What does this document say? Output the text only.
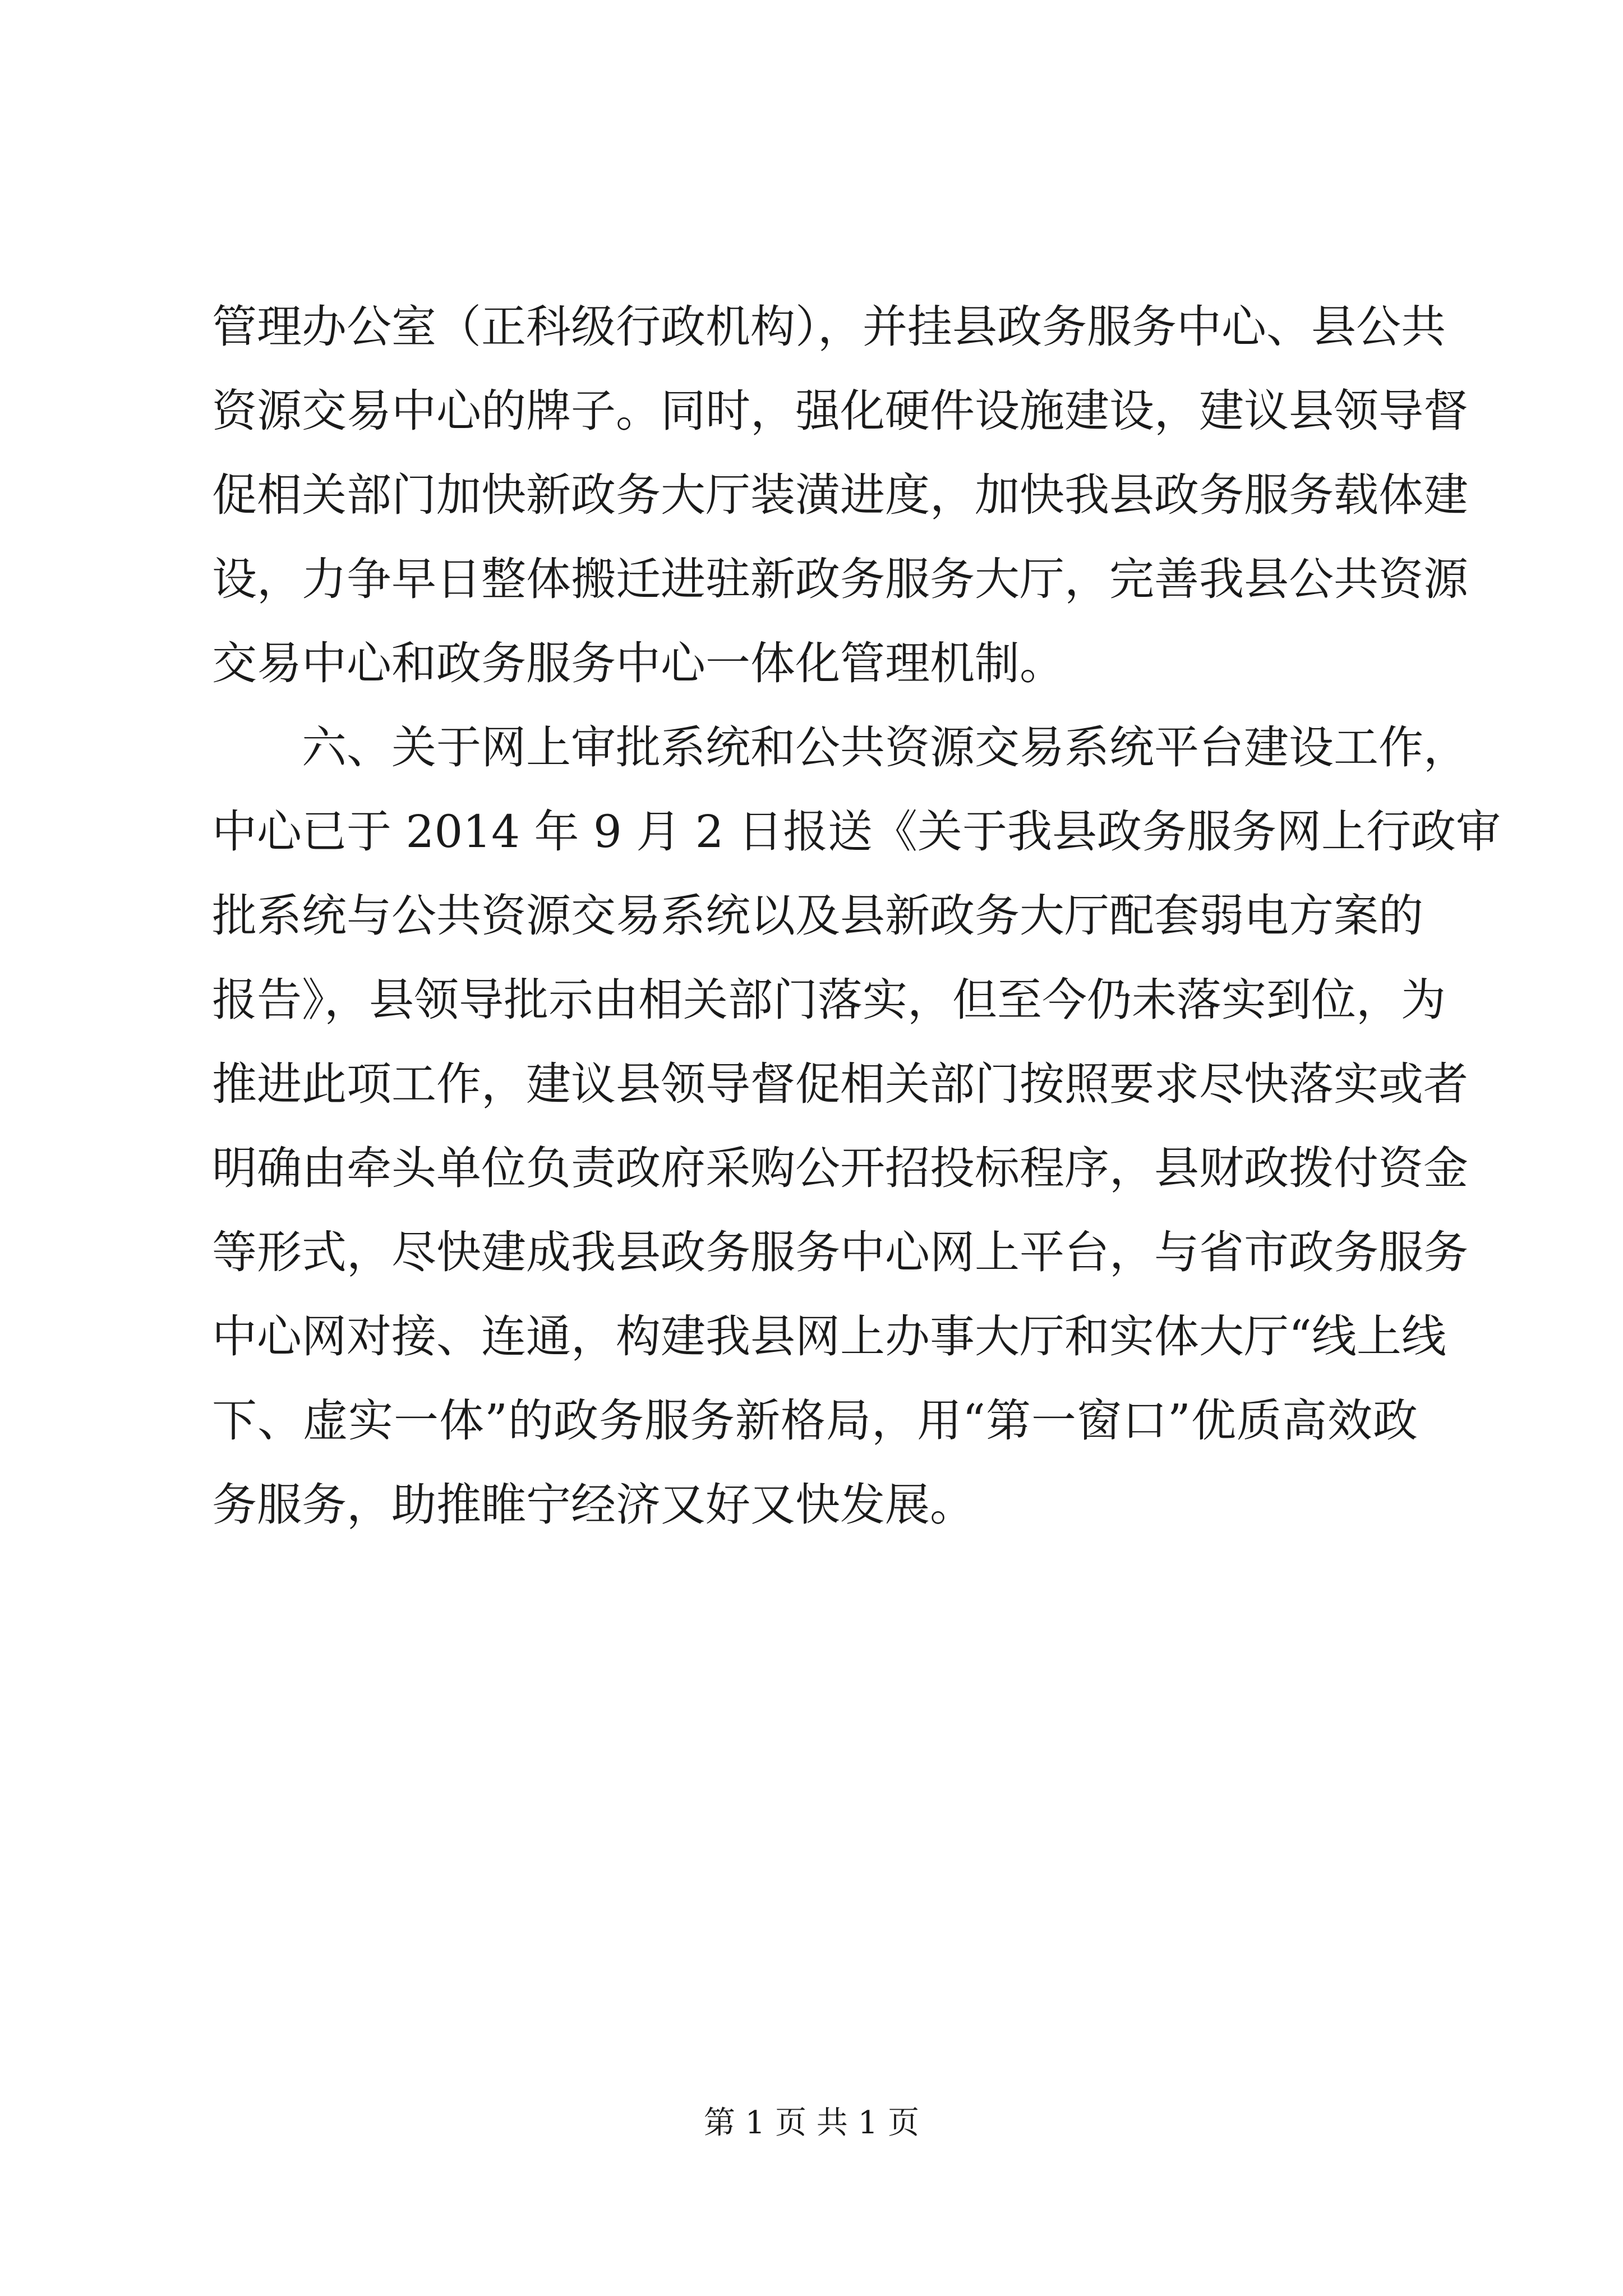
管理办公室（正科级行政机构），并挂县政务服务中心、县公共
资源交易中心的牌子。同时，强化硬件设施建设，建议县领导督
促相关部门加快新政务大厅装潢进度，加快我县政务服务载体建
设，力争早日整体搬迁进驻新政务服务大厅，完善我县公共资源
交易中心和政务服务中心一体化管理机制。
六、关于网上审批系统和公共资源交易系统平台建设工作，
中心已于 2014 年 9 月 2 日报送《关于我县政务服务网上行政审
批系统与公共资源交易系统以及县新政务大厅配套弱电方案的
报告》，县领导批示由相关部门落实，但至今仍未落实到位，为
推进此项工作，建议县领导督促相关部门按照要求尽快落实或者
明确由牵头单位负责政府采购公开招投标程序，县财政拨付资金
等形式，尽快建成我县政务服务中心网上平台，与省市政务服务
中心网对接、连通，构建我县网上办事大厅和实体大厅“线上线
下、虚实一体”的政务服务新格局，用“第一窗口”优质高效政
务服务，助推睢宁经济又好又快发展。
第 1 页 共 1 页
